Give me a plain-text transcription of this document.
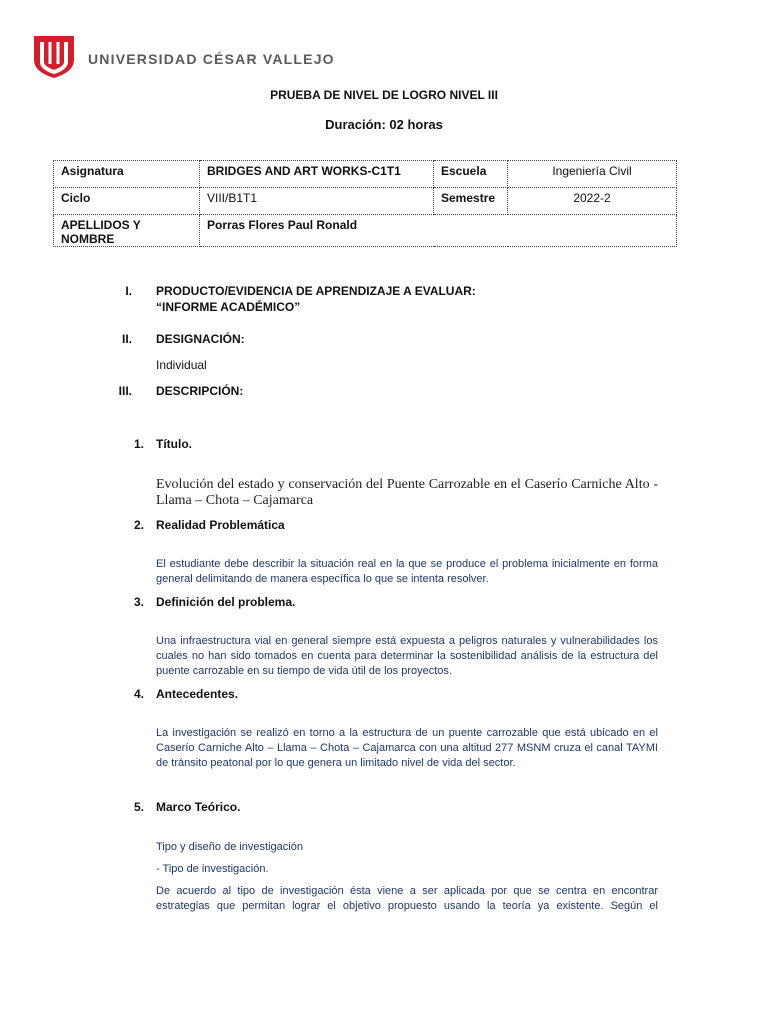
UNIVERSIDAD CÉSAR VALLEJO
PRUEBA DE NIVEL DE LOGRO NIVEL III
Duración: 02 horas
Asignatura	BRIDGES AND ART WORKS-C1T1	Escuela	Ingeniería Civil
Ciclo	VIII/B1T1	Semestre	2022-2
APELLIDOS Y NOMBRE	Porras Flores Paul Ronald		
I. PRODUCTO/EVIDENCIA DE APRENDIZAJE A EVALUAR:
“INFORME ACADÉMICO”
II. DESIGNACIÓN:
Individual
III. DESCRIPCIÓN:
1. Título.
Evolución del estado y conservación del Puente Carrozable en el Caserío Carniche Alto - Llama – Chota – Cajamarca
2. Realidad Problemática
El estudiante debe describir la situación real en la que se produce el problema inicialmente en forma general delimitando de manera específica lo que se intenta resolver.
3. Definición del problema.
Una infraestructura vial en general siempre está expuesta a peligros naturales y vulnerabilidades los cuales no han sido tomados en cuenta para determinar la sostenibilidad análisis de la estructura del puente carrozable en su tiempo de vida útil de los proyectos.
4. Antecedentes.
La investigación se realizó en torno a la estructura de un puente carrozable que está ubicado en el Caserío Carniche Alto – Llama – Chota – Cajamarca con una altitud 277 MSNM cruza el canal TAYMI de tránsito peatonal por lo que genera un limitado nivel de vida del sector.
5. Marco Teórico.
Tipo y diseño de investigación
- Tipo de investigación.
De acuerdo al tipo de investigación ésta viene a ser aplicada por que se centra en encontrar estrategias que permitan lograr el objetivo propuesto usando la teoría ya existente. Según el
